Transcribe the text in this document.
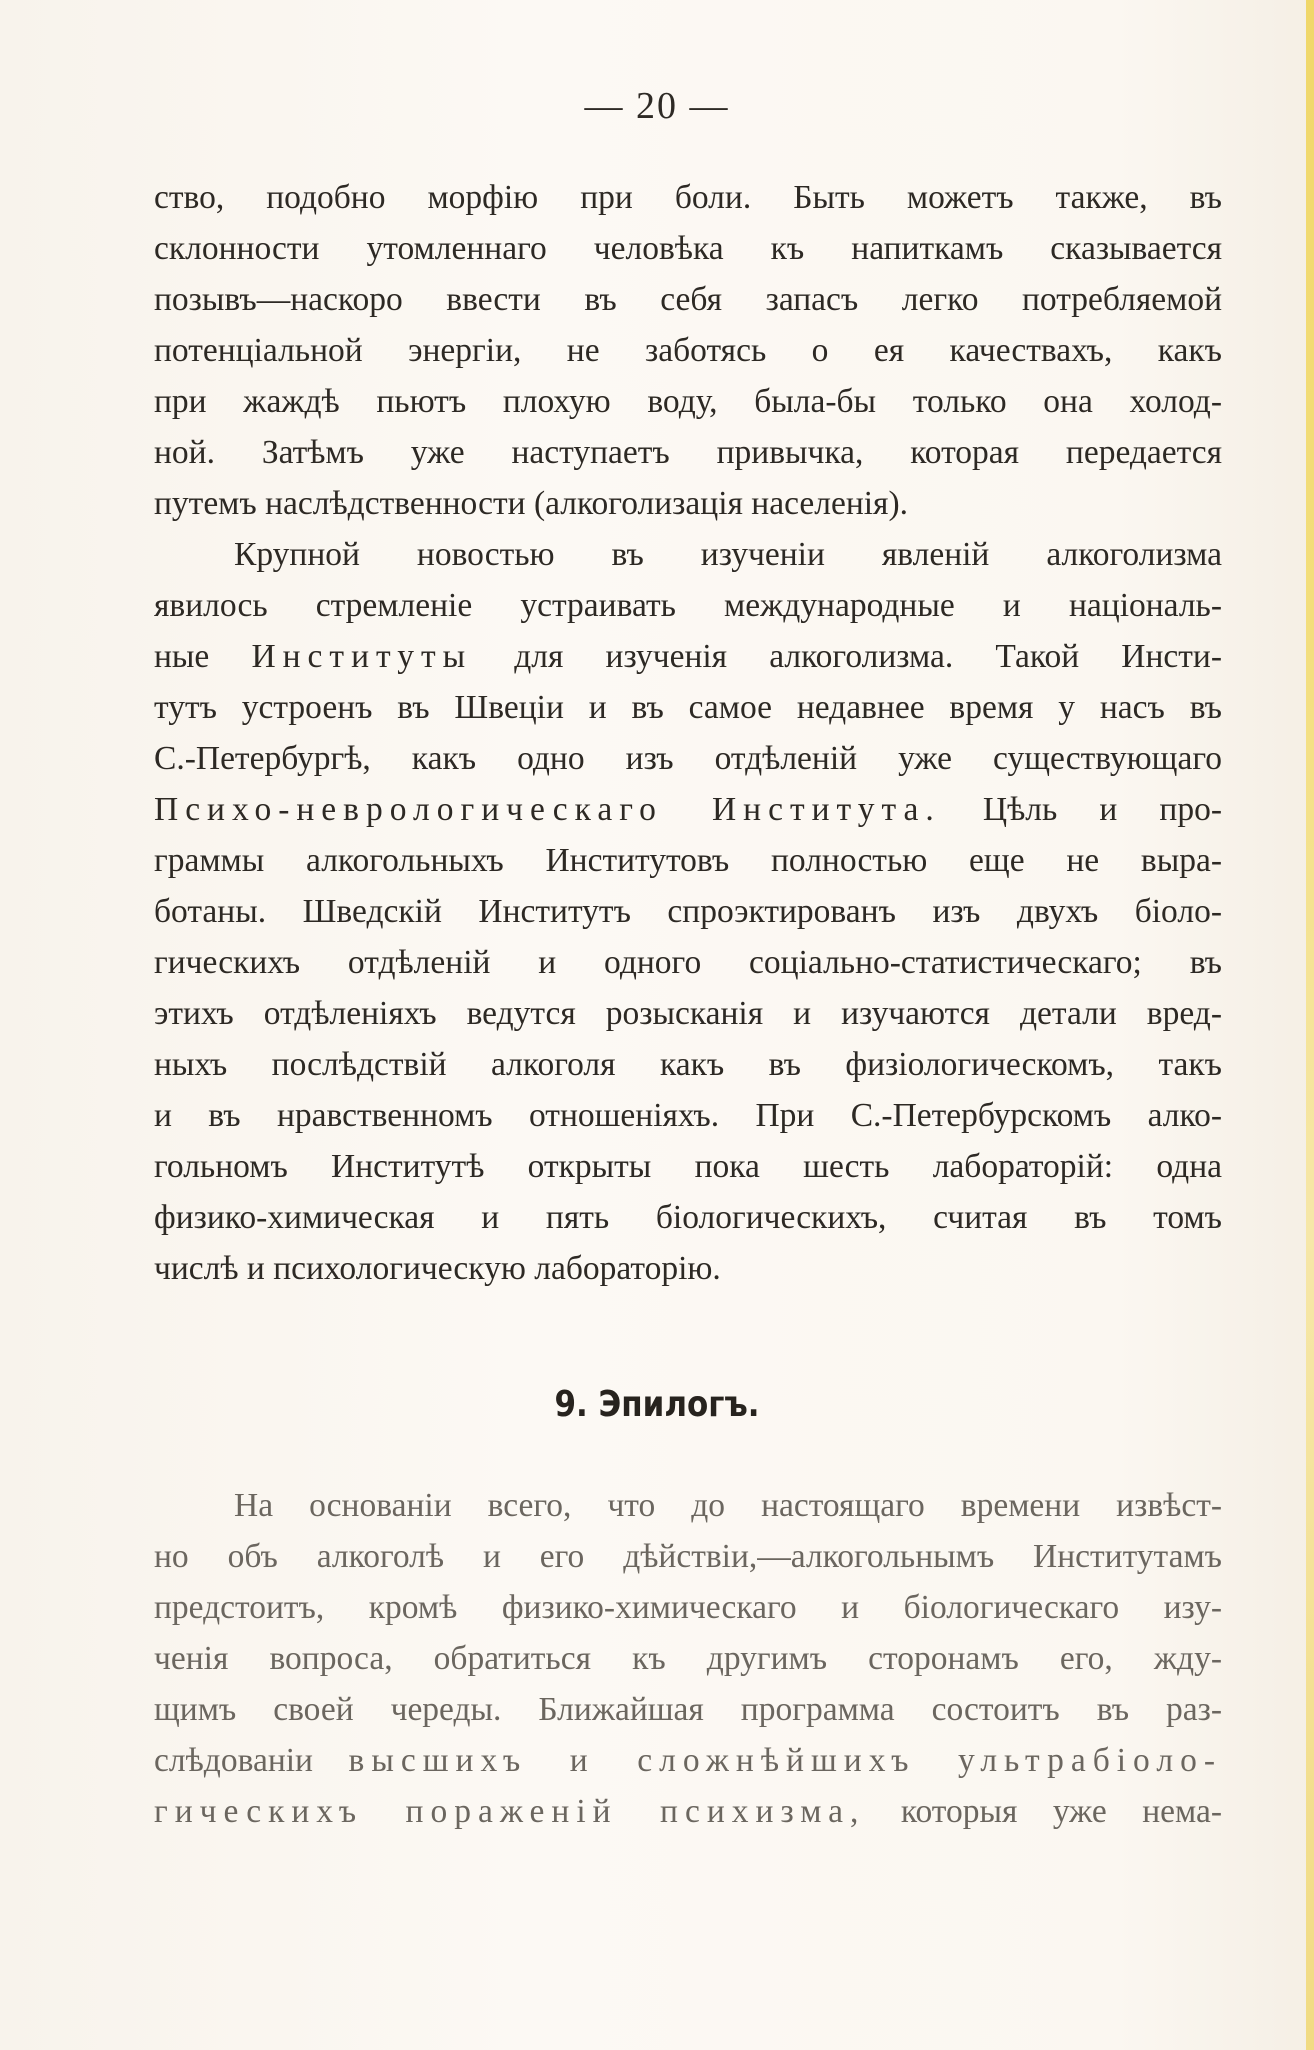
— 20 —
ство, подобно морфію при боли. Быть можетъ также, въ
склонности утомленнаго человѣка къ напиткамъ сказывается
позывъ—наскоро ввести въ себя запасъ легко потребляемой
потенціальной энергіи, не заботясь о ея качествахъ, какъ
при жаждѣ пьютъ плохую воду, была-бы только она холод-
ной. Затѣмъ уже наступаетъ привычка, которая передается
путемъ наслѣдственности (алкоголизація населенія).
Крупной новостью въ изученіи явленій алкоголизма
явилось стремленіе устраивать международные и національ-
ные Институты для изученія алкоголизма. Такой Инсти-
тутъ устроенъ въ Швеціи и въ самое недавнее время у насъ въ
С.-Петербургѣ, какъ одно изъ отдѣленій уже существующаго
Психо-неврологическаго Института. Цѣль и про-
граммы алкогольныхъ Институтовъ полностью еще не выра-
ботаны. Шведскій Институтъ спроэктированъ изъ двухъ біоло-
гическихъ отдѣленій и одного соціально-статистическаго; въ
этихъ отдѣленіяхъ ведутся розысканія и изучаются детали вред-
ныхъ послѣдствій алкоголя какъ въ физіологическомъ, такъ
и въ нравственномъ отношеніяхъ. При С.-Петербурскомъ алко-
гольномъ Институтѣ открыты пока шесть лабораторій: одна
физико-химическая и пять біологическихъ, считая въ томъ
числѣ и психологическую лабораторію.
9. Эпилогъ.
На основаніи всего, что до настоящаго времени извѣст-
но объ алкоголѣ и его дѣйствіи,—алкогольнымъ Институтамъ
предстоитъ, кромѣ физико-химическаго и біологическаго изу-
ченія вопроса, обратиться къ другимъ сторонамъ его, жду-
щимъ своей череды. Ближайшая программа состоитъ въ раз-
слѣдованіи высшихъ и сложнѣйшихъ ультрабіоло-
гическихъ пораженій психизма, которыя уже нема-
